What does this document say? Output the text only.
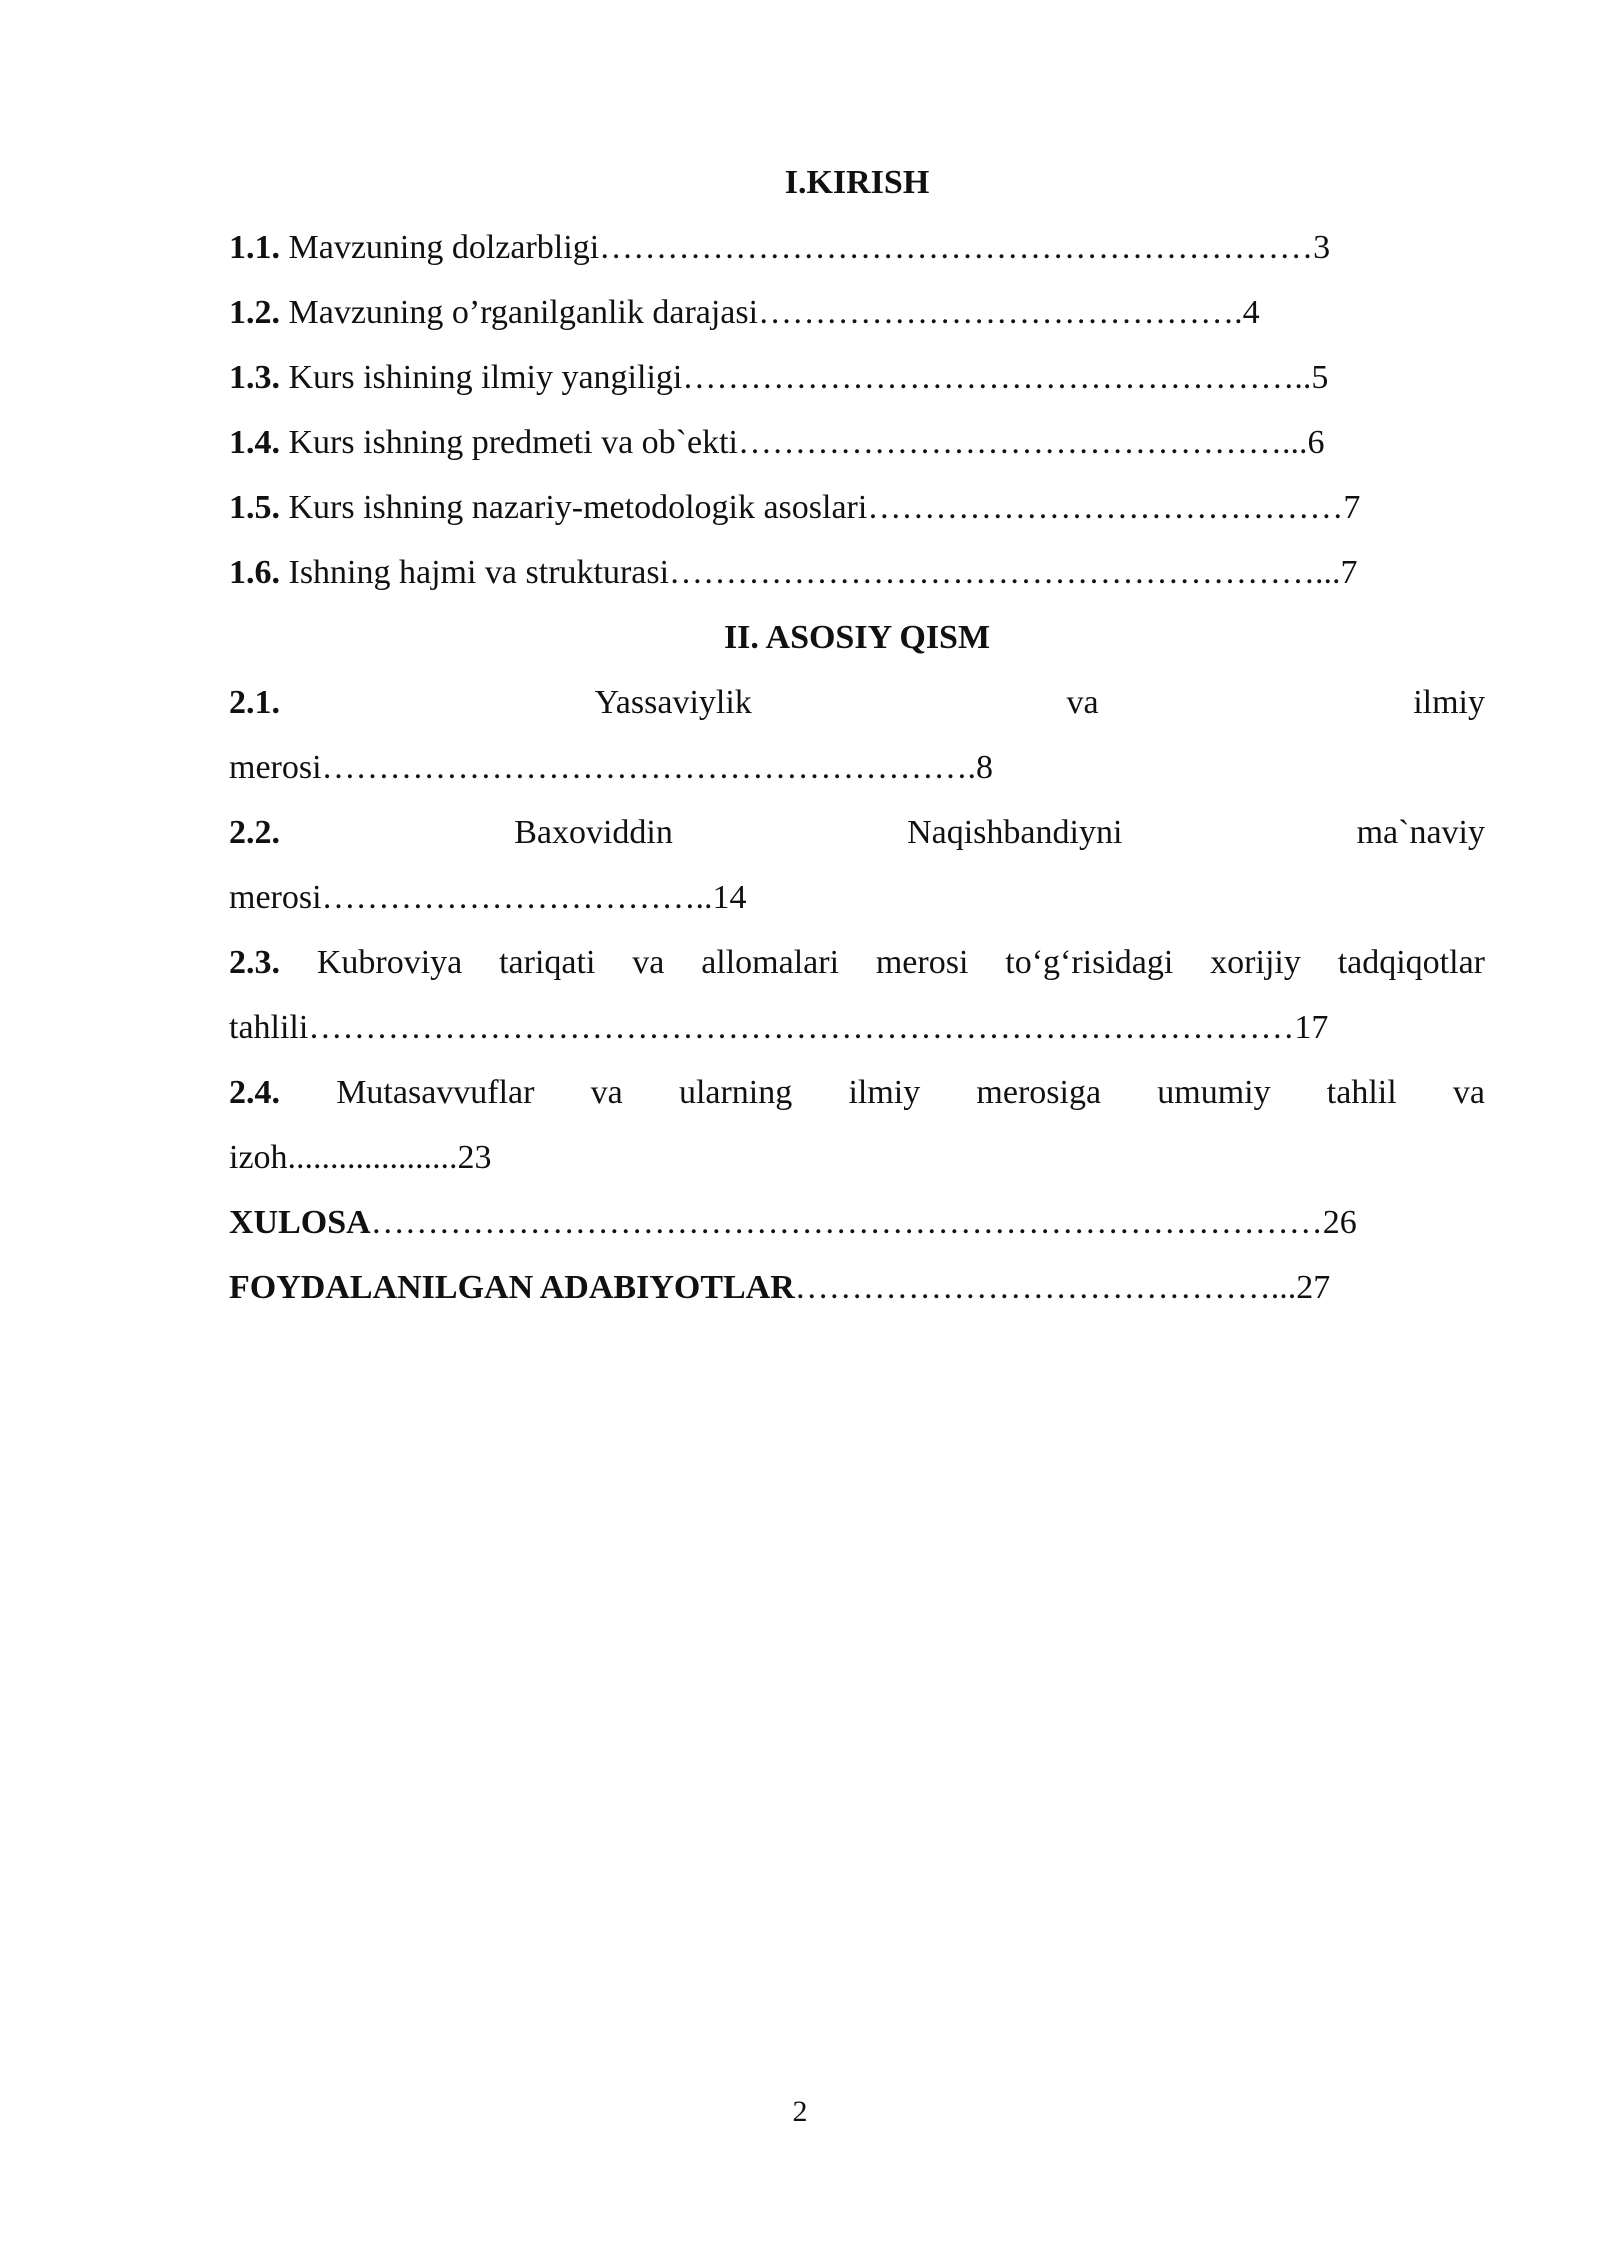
I.KIRISH
1.1. Mavzuning dolzarbligi………………………………………………………3
1.2. Mavzuning o’rganilganlik darajasi…………………………………….4
1.3. Kurs ishining ilmiy yangiligi………………………………………………..5
1.4. Kurs ishning predmeti va ob`ekti…………………………………………...6
1.5. Kurs ishning nazariy-metodologik asoslari……………………………………7
1.6. Ishning hajmi va strukturasi…………………………………………………...7
II. ASOSIY QISM
2.1.	Yassaviylik	va	ilmiy
merosi………………………………………………….8
2.2.	Baxoviddin	Naqishbandiyni	ma`naviy
merosi……………………………..14
2.3. Kubroviya tariqati va allomalari merosi to‘g‘risidagi xorijiy tadqiqotlar
tahlili……………………………………………………………………………17
2.4. Mutasavvuflar va ularning ilmiy merosiga umumiy tahlil va
izoh....................23
XULOSA…………………………………………………………………………26
FOYDALANILGAN ADABIYOTLAR……………………………………...27
2
